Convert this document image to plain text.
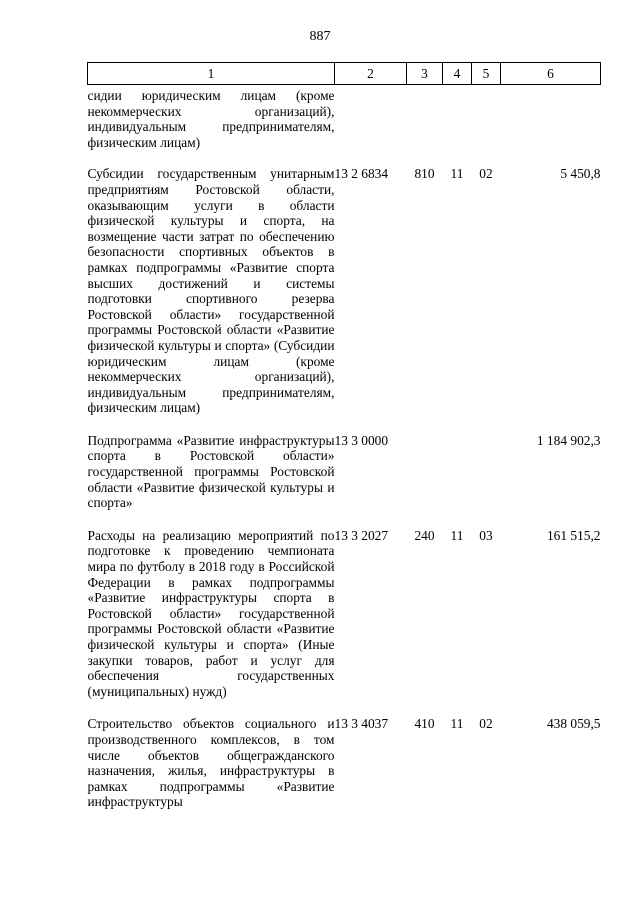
887
1	2	3	4	5	6
сидии юридическим лицам (кроме некоммерческих организаций), индивидуальным предпринимателям, физическим лицам)					
Субсидии государственным унитарным предприятиям Ростовской области, оказывающим услуги в области физической культуры и спорта, на возмещение части затрат по обеспечению безопасности спортивных объектов в рамках подпрограммы «Развитие спорта высших достижений и системы подготовки спортивного резерва Ростовской области» государственной программы Ростовской области «Развитие физической культуры и спорта» (Субсидии юридическим лицам (кроме некоммерческих организаций), индивидуальным предпринимателям, физическим лицам)	13 2 6834	810	11	02	5 450,8
Подпрограмма «Развитие инфраструктуры спорта в Ростовской области» государственной программы Ростовской области «Развитие физической культуры и спорта»	13 3 0000				1 184 902,3
Расходы на реализацию мероприятий по подготовке к проведению чемпионата мира по футболу в 2018 году в Российской Федерации в рамках подпрограммы «Развитие инфраструктуры спорта в Ростовской области» государственной программы Ростовской области «Развитие физической культуры и спорта» (Иные закупки товаров, работ и услуг для обеспечения государственных (муниципальных) нужд)	13 3 2027	240	11	03	161 515,2
Строительство объектов социального и производственного комплексов, в том числе объектов общегражданского назначения, жилья, инфраструктуры в рамках подпрограммы «Развитие инфраструктуры	13 3 4037	410	11	02	438 059,5
